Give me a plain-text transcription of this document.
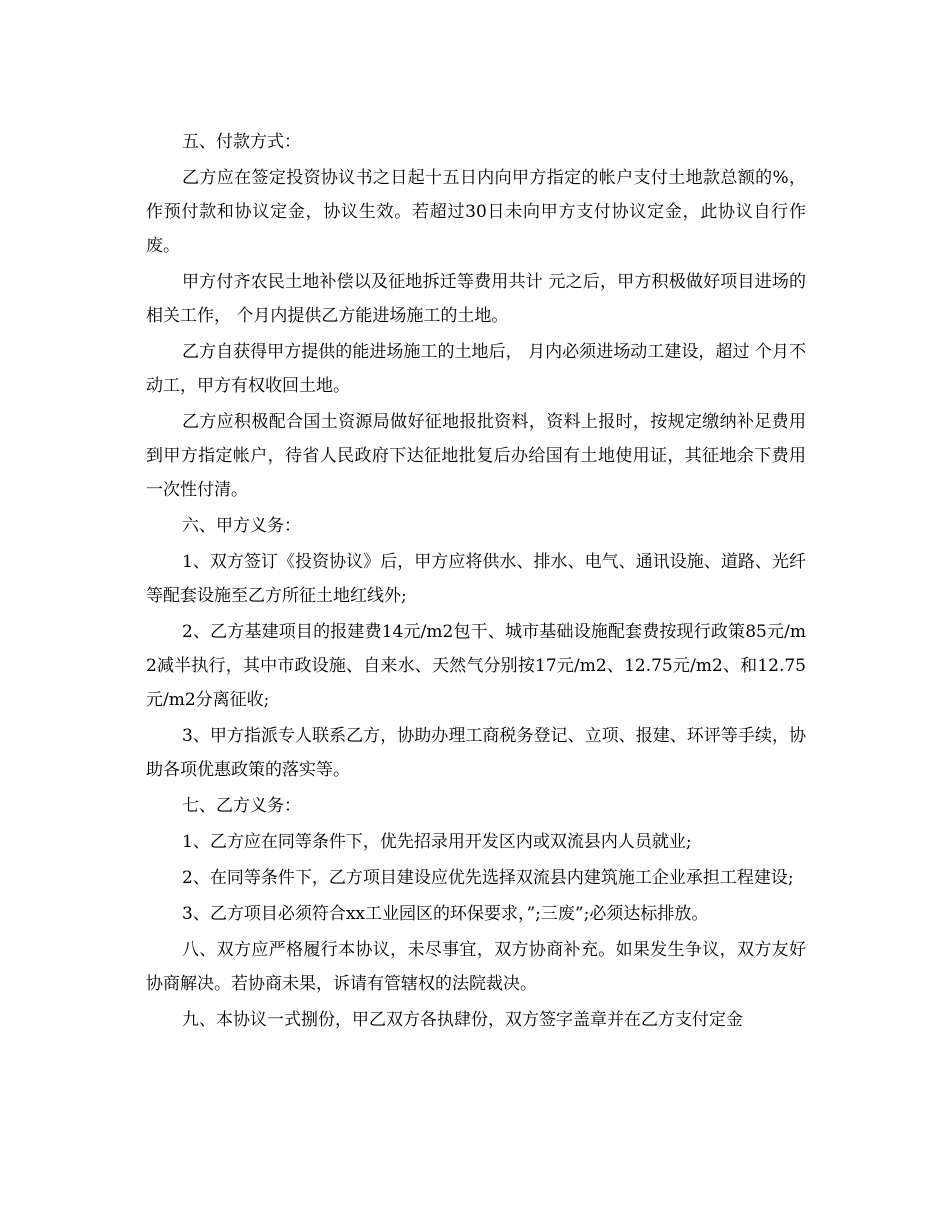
五、付款方式：

乙方应在签定投资协议书之日起十五日内向甲方指定的帐户支付土地款总额的%，作预付款和协议定金，协议生效。若超过30日未向甲方支付协议定金，此协议自行作废。

甲方付齐农民土地补偿以及征地拆迁等费用共计 元之后，甲方积极做好项目进场的相关工作， 个月内提供乙方能进场施工的土地。

乙方自获得甲方提供的能进场施工的土地后， 月内必须进场动工建设，超过 个月不动工，甲方有权收回土地。

乙方应积极配合国土资源局做好征地报批资料，资料上报时，按规定缴纳补足费用到甲方指定帐户，待省人民政府下达征地批复后办给国有土地使用证，其征地余下费用一次性付清。

六、甲方义务：

1、双方签订《投资协议》后，甲方应将供水、排水、电气、通讯设施、道路、光纤等配套设施至乙方所征土地红线外;

2、乙方基建项目的报建费14元/m2包干、城市基础设施配套费按现行政策85元/m2减半执行，其中市政设施、自来水、天然气分别按17元/m2、12.75元/m2、和12.75元/m2分离征收;

3、甲方指派专人联系乙方，协助办理工商税务登记、立项、报建、环评等手续，协助各项优惠政策的落实等。

七、乙方义务：

1、乙方应在同等条件下，优先招录用开发区内或双流县内人员就业;

2、在同等条件下，乙方项目建设应优先选择双流县内建筑施工企业承担工程建设;

3、乙方项目必须符合xx工业园区的环保要求，”;三废”;必须达标排放。

八、双方应严格履行本协议，未尽事宜，双方协商补充。如果发生争议，双方友好协商解决。若协商未果，诉请有管辖权的法院裁决。

九、本协议一式捌份，甲乙双方各执肆份，双方签字盖章并在乙方支付定金
